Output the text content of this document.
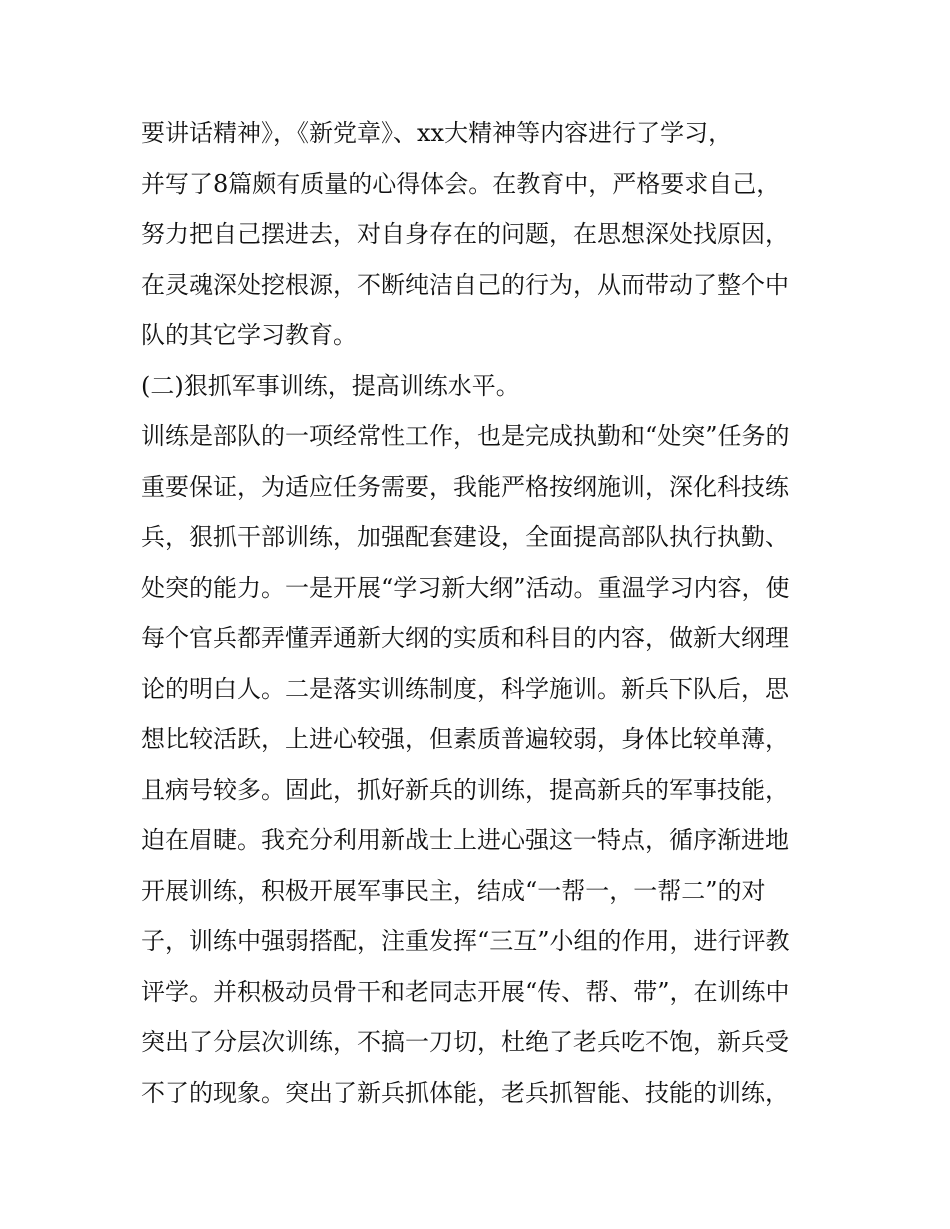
要讲话精神》，《新党章》、xx大精神等内容进行了学习，
并写了8篇颇有质量的心得体会。在教育中，严格要求自己，
努力把自己摆进去，对自身存在的问题，在思想深处找原因，
在灵魂深处挖根源，不断纯洁自己的行为，从而带动了整个中
队的其它学习教育。
(二)狠抓军事训练，提高训练水平。
训练是部队的一项经常性工作，也是完成执勤和“处突”任务的
重要保证，为适应任务需要，我能严格按纲施训，深化科技练
兵，狠抓干部训练，加强配套建设，全面提高部队执行执勤、
处突的能力。一是开展“学习新大纲”活动。重温学习内容，使
每个官兵都弄懂弄通新大纲的实质和科目的内容，做新大纲理
论的明白人。二是落实训练制度，科学施训。新兵下队后，思
想比较活跃，上进心较强，但素质普遍较弱，身体比较单薄，
且病号较多。固此，抓好新兵的训练，提高新兵的军事技能，
迫在眉睫。我充分利用新战士上进心强这一特点，循序渐进地
开展训练，积极开展军事民主，结成“一帮一，一帮二”的对
子，训练中强弱搭配，注重发挥“三互”小组的作用，进行评教
评学。并积极动员骨干和老同志开展“传、帮、带”，在训练中
突出了分层次训练，不搞一刀切，杜绝了老兵吃不饱，新兵受
不了的现象。突出了新兵抓体能，老兵抓智能、技能的训练，
